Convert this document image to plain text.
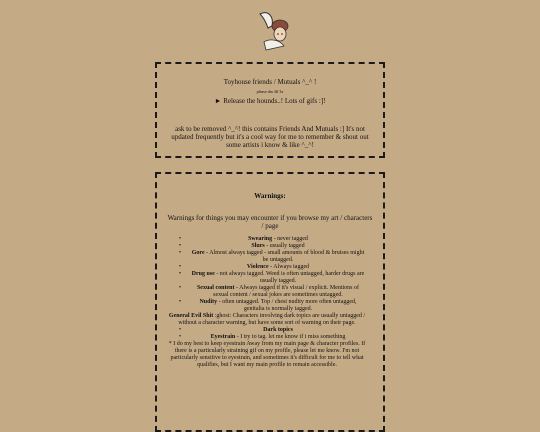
Toyhouse friends / Mutuals ^_^ !
please dm 4ff 3x
► Release the hounds..! Lots of gifs :]!
ask to be removed ^_^! this contains Friends And Mutuals :] It's not updated frequently but it's a cool way for me to remember & shout out some artists i know & like ^_^!
Warnings:
Warnings for things you may encounter if you browse my art / characters / page
• Swearing - never tagged
• Slurs - usually tagged
• Gore - Almost always tagged - small amounts of blood & bruises might be untagged.
• Violence - Always tagged
• Drug use - not always tagged. Weed is often untagged, harder drugs are usually tagged.
• Sexual content - Always tagged if it's visual / explicit. Mentions of sexual content / sexual jokes are sometimes untagged.
• Nudity - often untagged. Top / chest nudity more often untagged, genitalia is normally tagged.
General Evil Shit :ghost: Characters involving dark topics are usually untagged / without a character warning, but have some sort of warning on their page.
• Dark topics
• Eyestrain - I try to tag. let me know if i miss something
* I do my best to keep eyestrain Away from my main page & character profiles. If there is a particularly straining gif on my profile, please let me know. I'm not particularly sensitive to eyestrain, and sometimes it's difficult for me to tell what qualifies, but I want my main profile to remain accessible.
